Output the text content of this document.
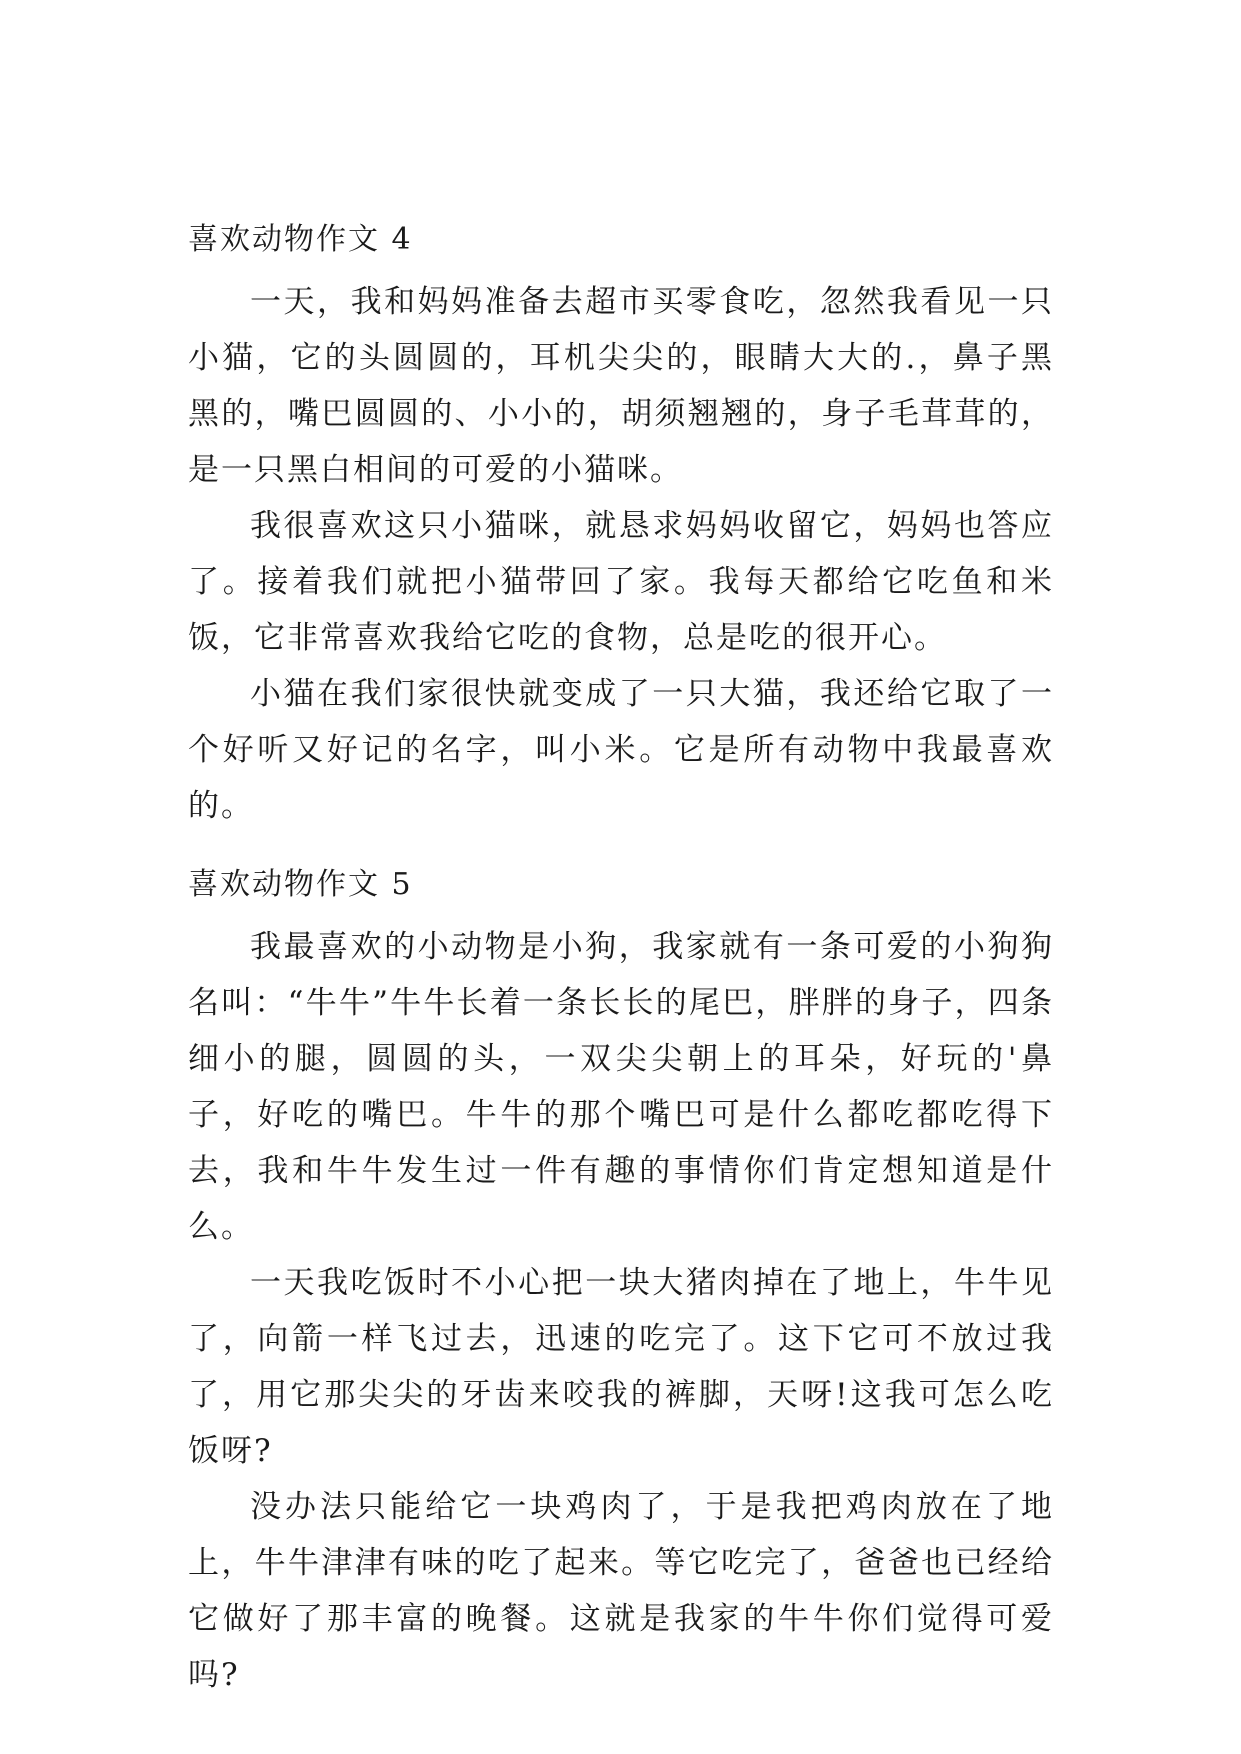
喜欢动物作文 4

一天，我和妈妈准备去超市买零食吃，忽然我看见一只小猫，它的头圆圆的，耳机尖尖的，眼睛大大的.，鼻子黑黑的，嘴巴圆圆的、小小的，胡须翘翘的，身子毛茸茸的，是一只黑白相间的可爱的小猫咪。

我很喜欢这只小猫咪，就恳求妈妈收留它，妈妈也答应了。接着我们就把小猫带回了家。我每天都给它吃鱼和米饭，它非常喜欢我给它吃的食物，总是吃的很开心。

小猫在我们家很快就变成了一只大猫，我还给它取了一个好听又好记的名字，叫小米。它是所有动物中我最喜欢的。

喜欢动物作文 5

我最喜欢的小动物是小狗，我家就有一条可爱的小狗狗名叫：“牛牛”牛牛长着一条长长的尾巴，胖胖的身子，四条细小的腿，圆圆的头，一双尖尖朝上的耳朵，好玩的'鼻子，好吃的嘴巴。牛牛的那个嘴巴可是什么都吃都吃得下去，我和牛牛发生过一件有趣的事情你们肯定想知道是什么。

一天我吃饭时不小心把一块大猪肉掉在了地上，牛牛见了，向箭一样飞过去，迅速的吃完了。这下它可不放过我了，用它那尖尖的牙齿来咬我的裤脚，天呀!这我可怎么吃饭呀?

没办法只能给它一块鸡肉了，于是我把鸡肉放在了地上，牛牛津津有味的吃了起来。等它吃完了，爸爸也已经给它做好了那丰富的晚餐。这就是我家的牛牛你们觉得可爱吗?
